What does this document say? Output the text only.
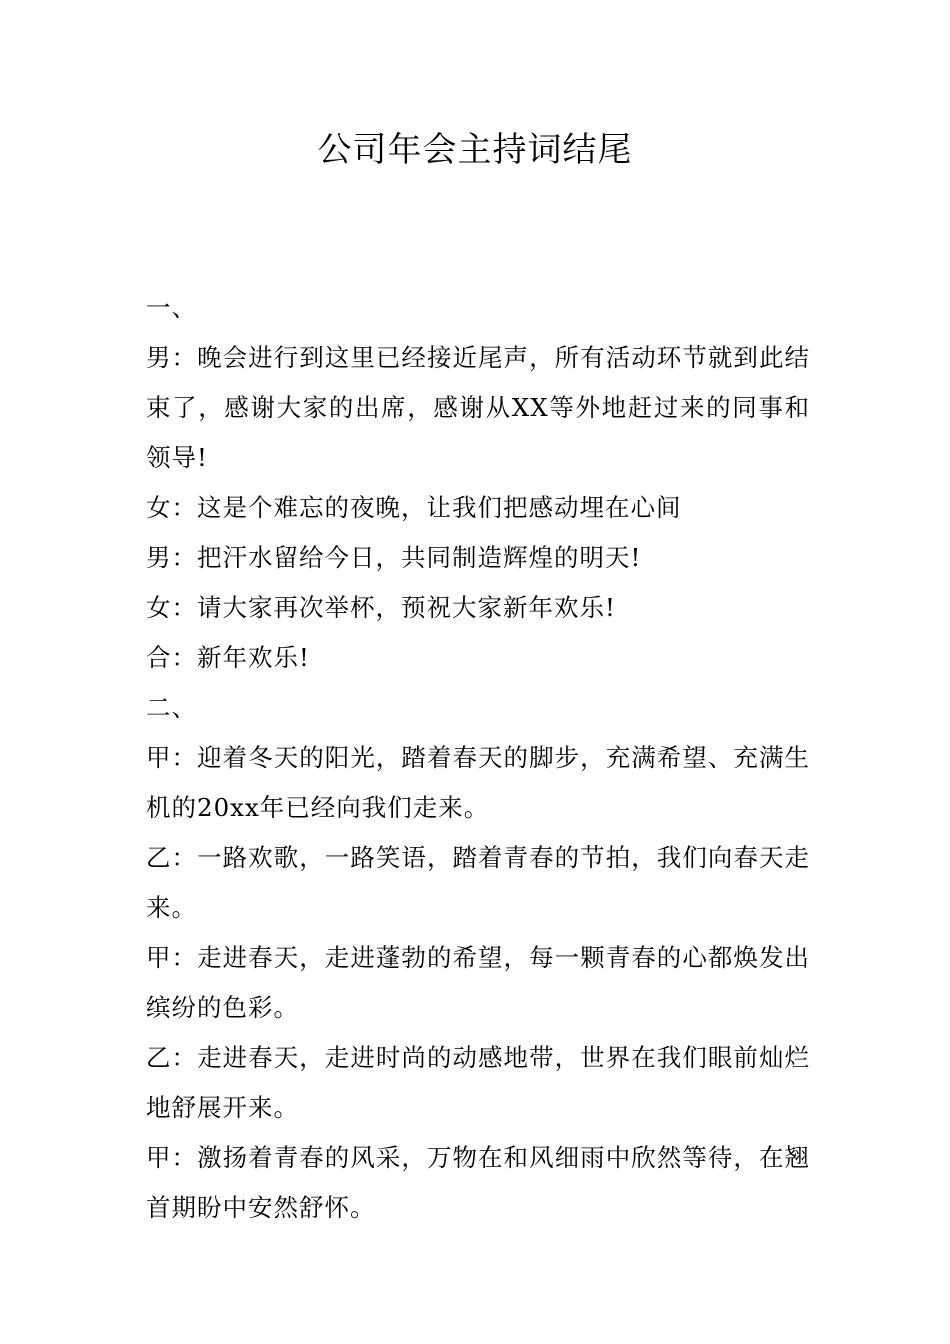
公司年会主持词结尾

一、

男：晚会进行到这里已经接近尾声，所有活动环节就到此结束了，感谢大家的出席，感谢从XX等外地赶过来的同事和领导!

女：这是个难忘的夜晚，让我们把感动埋在心间

男：把汗水留给今日，共同制造辉煌的明天!

女：请大家再次举杯，预祝大家新年欢乐!

合：新年欢乐!

二、

甲：迎着冬天的阳光，踏着春天的脚步，充满希望、充满生机的20xx年已经向我们走来。

乙：一路欢歌，一路笑语，踏着青春的节拍，我们向春天走来。

甲：走进春天，走进蓬勃的希望，每一颗青春的心都焕发出缤纷的色彩。

乙：走进春天，走进时尚的动感地带，世界在我们眼前灿烂地舒展开来。

甲：激扬着青春的风采，万物在和风细雨中欣然等待，在翘首期盼中安然舒怀。
